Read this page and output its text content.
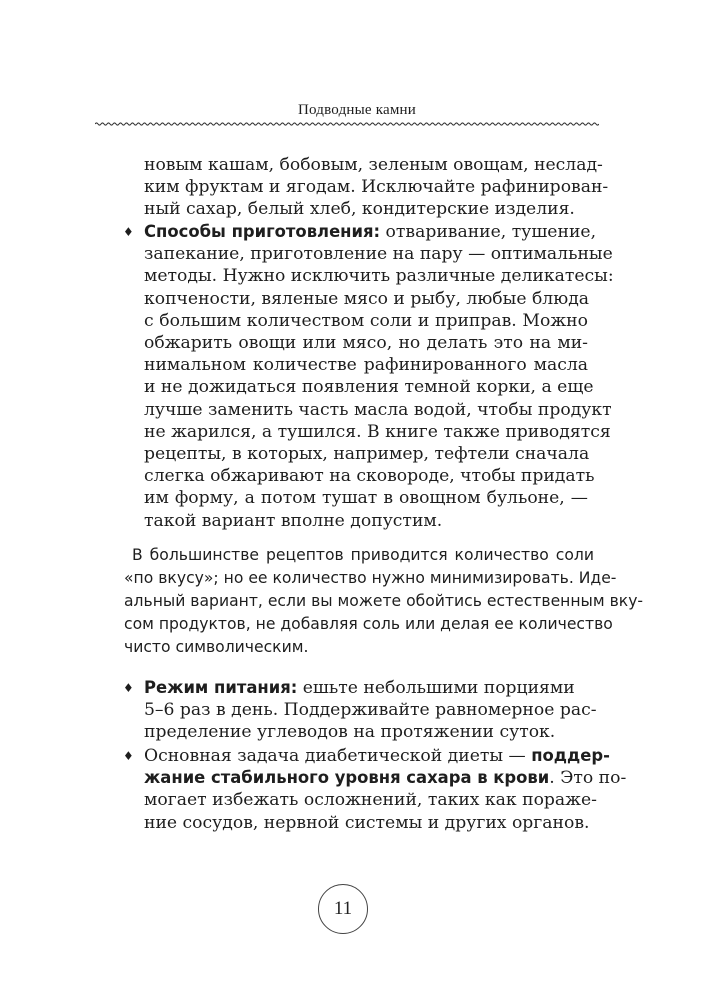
Подводные камни
новым кашам, бобовым, зеленым овощам, неслад-
ким фруктам и ягодам. Исключайте рафинирован-
ный сахар, белый хлеб, кондитерские изделия.
♦ Способы приготовления: отваривание, тушение,
запекание, приготовление на пару — оптимальные
методы. Нужно исключить различные деликатесы:
копчености, вяленые мясо и рыбу, любые блюда
с большим количеством соли и приправ. Можно
обжарить овощи или мясо, но делать это на ми-
нимальном количестве рафинированного масла
и не дожидаться появления темной корки, а еще
лучше заменить часть масла водой, чтобы продукт
не жарился, а тушился. В книге также приводятся
рецепты, в которых, например, тефтели сначала
слегка обжаривают на сковороде, чтобы придать
им форму, а потом тушат в овощном бульоне, —
такой вариант вполне допустим.
В большинстве рецептов приводится количество соли
«по вкусу»; но ее количество нужно минимизировать. Иде-
альный вариант, если вы можете обойтись естественным вку-
сом продуктов, не добавляя соль или делая ее количество
чисто символическим.
♦ Режим питания: ешьте небольшими порциями
5–6 раз в день. Поддерживайте равномерное рас-
пределение углеводов на протяжении суток.
♦ Основная задача диабетической диеты — поддер-
жание стабильного уровня сахара в крови. Это по-
могает избежать осложнений, таких как пораже-
ние сосудов, нервной системы и других органов.
11
